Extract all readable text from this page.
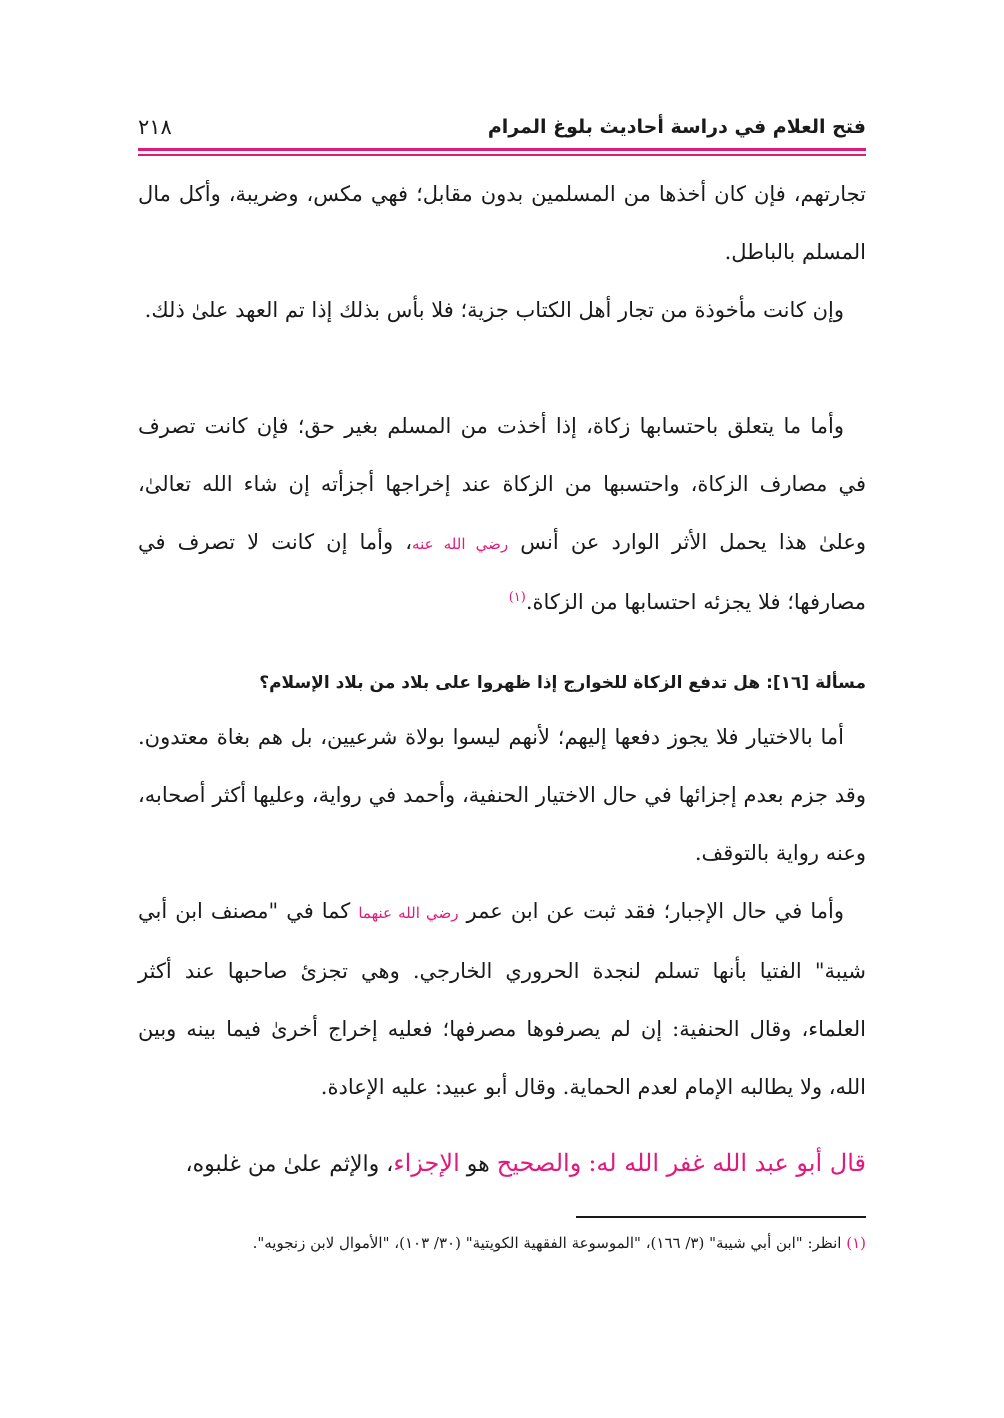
فتح العلام في دراسة أحاديث بلوغ المرام
٢١٨
تجارتهم، فإن كان أخذها من المسلمين بدون مقابل؛ فهي مكس، وضريبة، وأكل مال المسلم بالباطل.
وإن كانت مأخوذة من تجار أهل الكتاب جزية؛ فلا بأس بذلك إذا تم العهد علىٰ ذلك.
وأما ما يتعلق باحتسابها زكاة، إذا أخذت من المسلم بغير حق؛ فإن كانت تصرف في مصارف الزكاة، واحتسبها من الزكاة عند إخراجها أجزأته إن شاء الله تعالىٰ، وعلىٰ هذا يحمل الأثر الوارد عن أنس رضي الله عنه، وأما إن كانت لا تصرف في مصارفها؛ فلا يجزئه احتسابها من الزكاة.$^{(١)}$
مسألة [١٦]: هل تدفع الزكاة للخوارج إذا ظهروا على بلاد من بلاد الإسلام؟
أما بالاختيار فلا يجوز دفعها إليهم؛ لأنهم ليسوا بولاة شرعيين، بل هم بغاة معتدون. وقد جزم بعدم إجزائها في حال الاختيار الحنفية، وأحمد في رواية، وعليها أكثر أصحابه، وعنه رواية بالتوقف.
وأما في حال الإجبار؛ فقد ثبت عن ابن عمر رضي الله عنهما كما في "مصنف ابن أبي شيبة" الفتيا بأنها تسلم لنجدة الحروري الخارجي. وهي تجزئ صاحبها عند أكثر العلماء، وقال الحنفية: إن لم يصرفوها مصرفها؛ فعليه إخراج أخرىٰ فيما بينه وبين الله، ولا يطالبه الإمام لعدم الحماية. وقال أبو عبيد: عليه الإعادة.
قال أبو عبد الله غفر الله له: والصحيح هو الإجزاء، والإثم علىٰ من غلبوه،
(١) انظر: "ابن أبي شيبة" (٣/ ١٦٦)، "الموسوعة الفقهية الكويتية" (٣٠/ ١٠٣)، "الأموال لابن زنجويه".
